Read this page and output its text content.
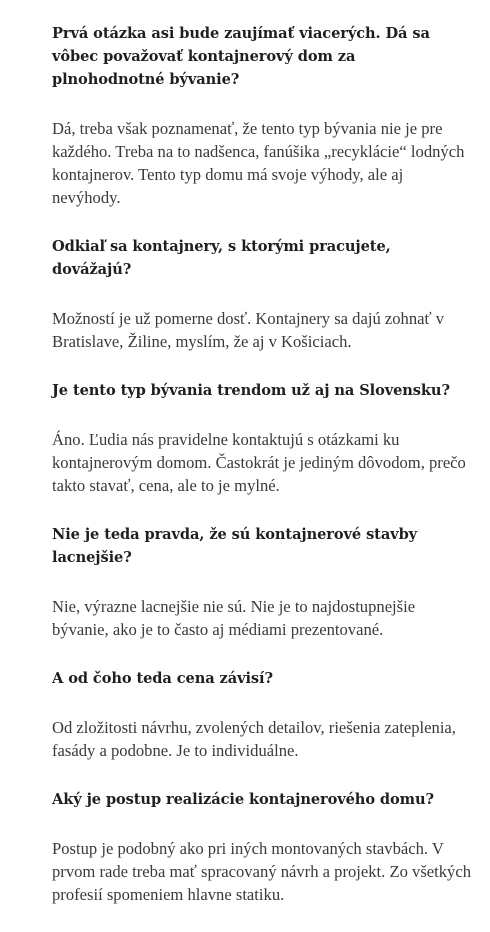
Prvá otázka asi bude zaujímať viacerých. Dá sa vôbec považovať kontajnerový dom za plnohodnotné bývanie?

Dá, treba však poznamenať, že tento typ bývania nie je pre každého. Treba na to nadšenca, fanúšika „recyklácie“ lodných kontajnerov. Tento typ domu má svoje výhody, ale aj nevýhody.

Odkiaľ sa kontajnery, s ktorými pracujete, dovážajú?

Možností je už pomerne dosť. Kontajnery sa dajú zohnať v Bratislave, Žiline, myslím, že aj v Košiciach.

Je tento typ bývania trendom už aj na Slovensku?

Áno. Ľudia nás pravidelne kontaktujú s otázkami ku kontajnerovým domom. Častokrát je jediným dôvodom, prečo takto stavať, cena, ale to je mylné.

Nie je teda pravda, že sú kontajnerové stavby lacnejšie?

Nie, výrazne lacnejšie nie sú. Nie je to najdostupnejšie bývanie, ako je to často aj médiami prezentované.

A od čoho teda cena závisí?

Od zložitosti návrhu, zvolených detailov, riešenia zateplenia, fasády a podobne. Je to individuálne.

Aký je postup realizácie kontajnerového domu?

Postup je podobný ako pri iných montovaných stavbách. V prvom rade treba mať spracovaný návrh a projekt. Zo všetkých profesií spomeniem hlavne statiku.
